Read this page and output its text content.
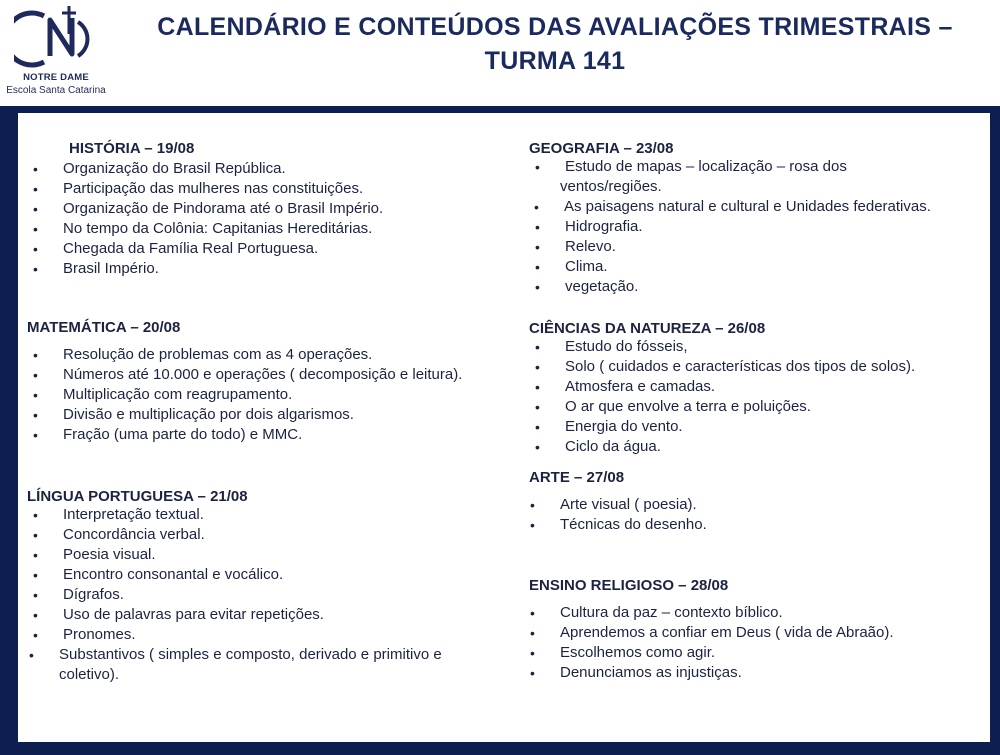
NOTRE DAME
Escola Santa Catarina
CALENDÁRIO E CONTEÚDOS DAS AVALIAÇÕES TRIMESTRAIS –
TURMA 141
HISTÓRIA – 19/08
• Organização do Brasil República.
• Participação das mulheres nas constituições.
• Organização de Pindorama até o Brasil Império.
• No tempo da Colônia: Capitanias Hereditárias.
• Chegada da Família Real Portuguesa.
• Brasil Império.
MATEMÁTICA – 20/08
• Resolução de problemas com as 4 operações.
• Números até 10.000 e operações ( decomposição e leitura).
• Multiplicação com reagrupamento.
• Divisão e multiplicação por dois algarismos.
• Fração (uma parte do todo) e MMC.
LÍNGUA PORTUGUESA – 21/08
• Interpretação textual.
• Concordância verbal.
• Poesia visual.
• Encontro consonantal e vocálico.
• Dígrafos.
• Uso de palavras para evitar repetições.
• Pronomes.
• Substantivos ( simples e composto, derivado e primitivo e
coletivo).
GEOGRAFIA – 23/08
• Estudo de mapas – localização – rosa dos
ventos/regiões.
• As paisagens natural e cultural e Unidades federativas.
• Hidrografia.
• Relevo.
• Clima.
• vegetação.
CIÊNCIAS DA NATUREZA – 26/08
• Estudo do fósseis,
• Solo ( cuidados e características dos tipos de solos).
• Atmosfera e camadas.
• O ar que envolve a terra e poluições.
• Energia do vento.
• Ciclo da água.
ARTE – 27/08
• Arte visual ( poesia).
• Técnicas do desenho.
ENSINO RELIGIOSO – 28/08
• Cultura da paz – contexto bíblico.
• Aprendemos a confiar em Deus ( vida de Abraão).
• Escolhemos como agir.
• Denunciamos as injustiças.
